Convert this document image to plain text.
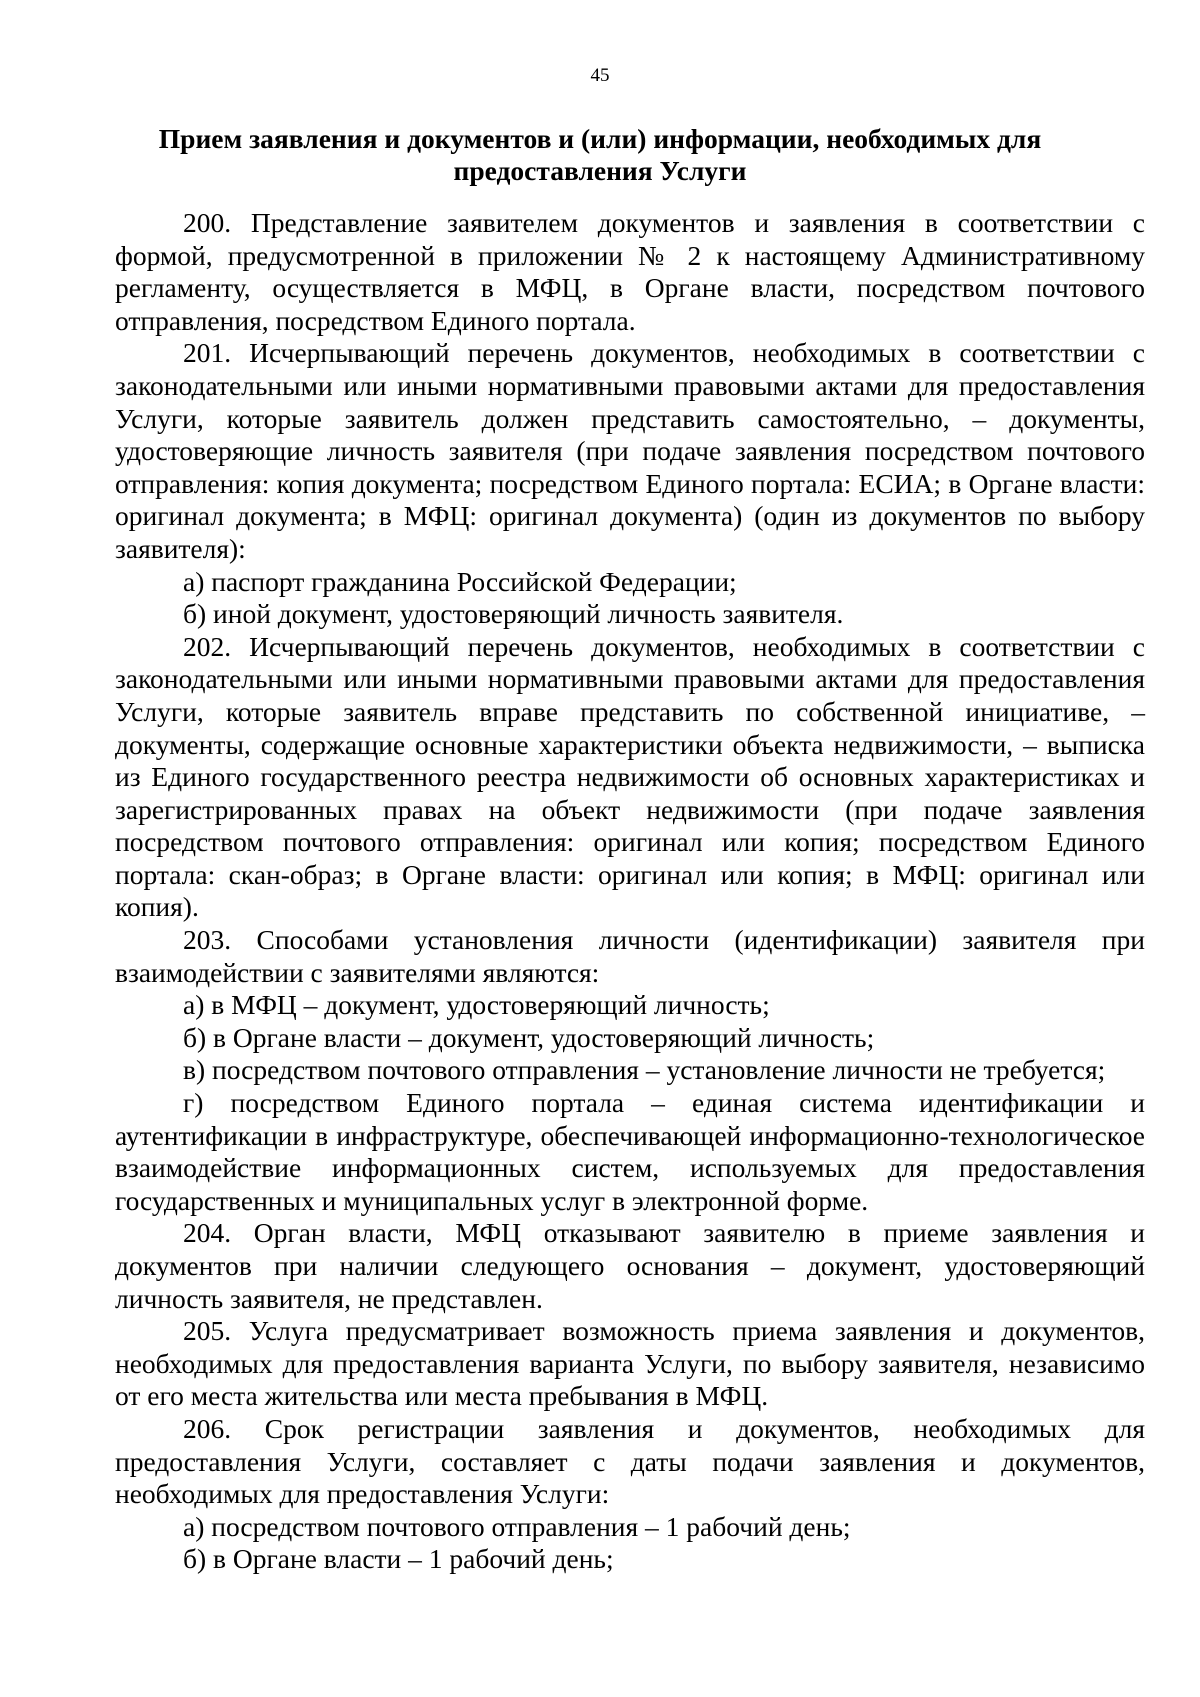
45
Прием заявления и документов и (или) информации, необходимых для
предоставления Услуги

200. Представление заявителем документов и заявления в соответствии с формой, предусмотренной в приложении № 2 к настоящему Административному регламенту, осуществляется в МФЦ, в Органе власти, посредством почтового отправления, посредством Единого портала.

201. Исчерпывающий перечень документов, необходимых в соответствии с законодательными или иными нормативными правовыми актами для предоставления Услуги, которые заявитель должен представить самостоятельно, – документы, удостоверяющие личность заявителя (при подаче заявления посредством почтового отправления: копия документа; посредством Единого портала: ЕСИА; в Органе власти: оригинал документа; в МФЦ: оригинал документа) (один из документов по выбору заявителя):

а) паспорт гражданина Российской Федерации;

б) иной документ, удостоверяющий личность заявителя.

202. Исчерпывающий перечень документов, необходимых в соответствии с законодательными или иными нормативными правовыми актами для предоставления Услуги, которые заявитель вправе представить по собственной инициативе, – документы, содержащие основные характеристики объекта недвижимости, – выписка из Единого государственного реестра недвижимости об основных характеристиках и зарегистрированных правах на объект недвижимости (при подаче заявления посредством почтового отправления: оригинал или копия; посредством Единого портала: скан-образ; в Органе власти: оригинал или копия; в МФЦ: оригинал или копия).

203. Способами установления личности (идентификации) заявителя при взаимодействии с заявителями являются:

а) в МФЦ – документ, удостоверяющий личность;

б) в Органе власти – документ, удостоверяющий личность;

в) посредством почтового отправления – установление личности не требуется;

г) посредством Единого портала – единая система идентификации и аутентификации в инфраструктуре, обеспечивающей информационно-технологическое взаимодействие информационных систем, используемых для предоставления государственных и муниципальных услуг в электронной форме.

204. Орган власти, МФЦ отказывают заявителю в приеме заявления и документов при наличии следующего основания – документ, удостоверяющий личность заявителя, не представлен.

205. Услуга предусматривает возможность приема заявления и документов, необходимых для предоставления варианта Услуги, по выбору заявителя, независимо от его места жительства или места пребывания в МФЦ.

206. Срок регистрации заявления и документов, необходимых для предоставления Услуги, составляет с даты подачи заявления и документов, необходимых для предоставления Услуги:

а) посредством почтового отправления – 1 рабочий день;

б) в Органе власти – 1 рабочий день;
